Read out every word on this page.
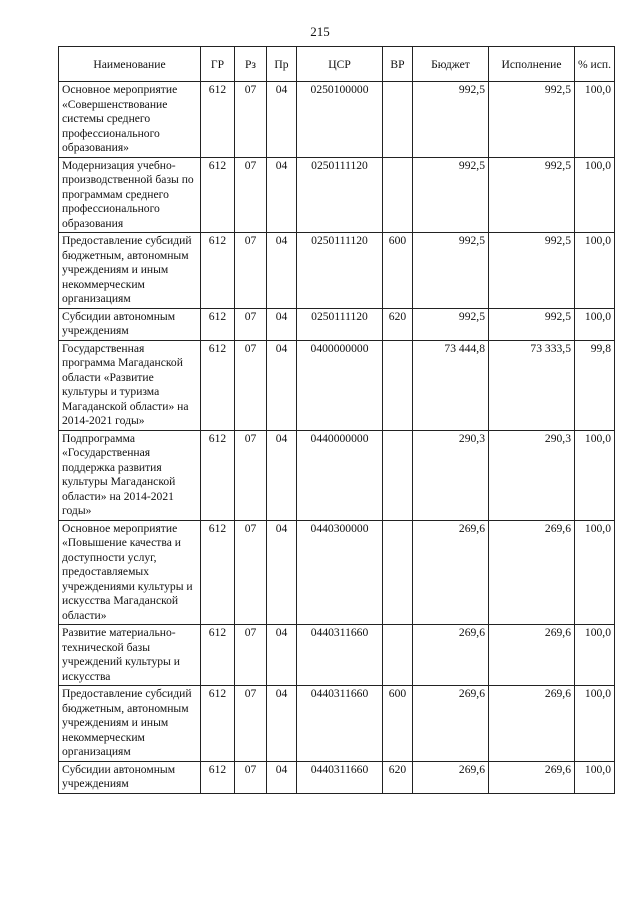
215
Наименование	ГР	Рз	Пр	ЦСР	ВР	Бюджет	Исполнение	% исп.
Основное мероприятие «Совершенствование системы среднего профессионального образования»	612	07	04	0250100000		992,5	992,5	100,0
Модернизация учебно-производственной базы по программам среднего профессионального образования	612	07	04	0250111120		992,5	992,5	100,0
Предоставление субсидий бюджетным, автономным учреждениям и иным некоммерческим организациям	612	07	04	0250111120	600	992,5	992,5	100,0
Субсидии автономным учреждениям	612	07	04	0250111120	620	992,5	992,5	100,0
Государственная программа Магаданской области «Развитие культуры и туризма Магаданской области» на 2014-2021 годы»	612	07	04	0400000000		73 444,8	73 333,5	99,8
Подпрограмма «Государственная поддержка развития культуры Магаданской области» на 2014-2021 годы»	612	07	04	0440000000		290,3	290,3	100,0
Основное мероприятие «Повышение качества и доступности услуг, предоставляемых учреждениями культуры и искусства Магаданской области»	612	07	04	0440300000		269,6	269,6	100,0
Развитие материально-технической базы учреждений культуры и искусства	612	07	04	0440311660		269,6	269,6	100,0
Предоставление субсидий бюджетным, автономным учреждениям и иным некоммерческим организациям	612	07	04	0440311660	600	269,6	269,6	100,0
Субсидии автономным учреждениям	612	07	04	0440311660	620	269,6	269,6	100,0
